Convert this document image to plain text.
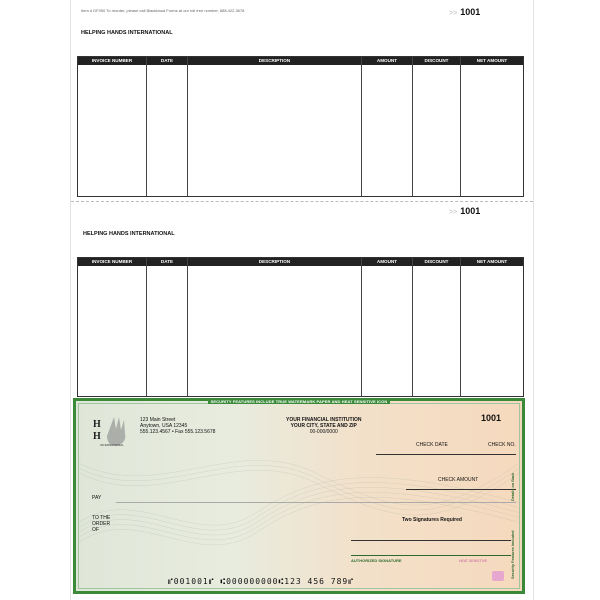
Item # DF350 To reorder, please call Blackbaud Forms at our toll free number, 888.422.3678	>> 1001
HELPING HANDS INTERNATIONAL
INVOICE NUMBER	DATE	DESCRIPTION	AMOUNT	DISCOUNT	NET AMOUNT
>> 1001
HELPING HANDS INTERNATIONAL
INVOICE NUMBER	DATE	DESCRIPTION	AMOUNT	DISCOUNT	NET AMOUNT
SECURITY FEATURES INCLUDE TRUE WATERMARK PAPER AND HEAT SENSITIVE ICON
H
H
INTERNATIONAL
123 Main Street
Anytown, USA 12345
555.123.4567 • Fax 555.123.5678
YOUR FINANCIAL INSTITUTION
YOUR CITY, STATE AND ZIP
00-000/0000
1001
CHECK DATE	CHECK NO.
CHECK AMOUNT
PAY
TO THE
ORDER
OF
Two Signatures Required
AUTHORIZED SIGNATURE	HEAT SENSITIVE
Details on Back
Security Features Included
⑈001001⑈ ⑆000000000⑆123 456 789⑈
